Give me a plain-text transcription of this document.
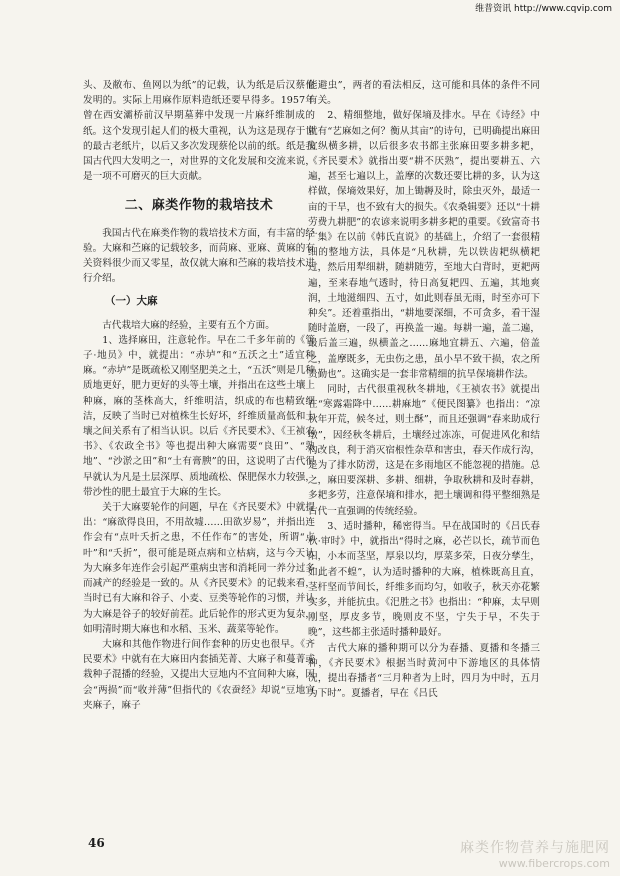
维普资讯 http://www.cqvip.com

头、及敝布、鱼网以为纸”的记载，认为纸是后汉蔡伦发明的。实际上用麻作原料造纸还要早得多。1957年曾在西安灞桥前汉早期墓葬中发现一片麻纤维制成的纸。这个发现引起人们的极大重视，认为这是现存于世的最古老纸片，以后又多次发现蔡伦以前的纸。纸是我国古代四大发明之一，对世界的文化发展和交流来说，是一项不可磨灭的巨大贡献。

二、麻类作物的栽培技术

我国古代在麻类作物的栽培技术方面，有丰富的经验。大麻和苎麻的记载较多，而苘麻、亚麻、黄麻的有关资料很少而又零星，故仅就大麻和苎麻的栽培技术进行介绍。

（一）大麻

古代栽培大麻的经验，主要有五个方面。

1、选择麻田，注意轮作。早在二千多年前的《管子·地员》中，就提出：“赤垆”和“五沃之土”适宜种麻。“赤垆”是既疏松又刚坚肥美之土，“五沃”则是几种质地更好，肥力更好的头等土壤，并指出在这些土壤上种麻，麻的茎株高大，纤维明洁，织成的布也精致细洁，反映了当时已对植株生长好坏，纤维质量高低和土壤之间关系有了相当认识。以后《齐民要术》、《王祯农书》、《农政全书》等也提出种大麻需要“良田”、“熟地”、“沙淤之田”和“土有膏腴”的田，这说明了古代很早就认为凡是土层深厚、质地疏松、保肥保水力较强，带沙性的肥土最宜于大麻的生长。

关于大麻要轮作的问题，早在《齐民要术》中就提出：“麻欲得良田，不用故墟……田欲岁易”，并指出连作会有“点叶夭折之患，不任作布”的害处，所谓“点叶”和“夭折”，很可能是斑点病和立枯病，这与今天认为大麻多年连作会引起严重病虫害和消耗同一养分过多而减产的经验是一致的。从《齐民要术》的记载来看，当时已有大麻和谷子、小麦、豆类等轮作的习惯，并认为大麻是谷子的较好前茬。此后轮作的形式更为复杂，如明清时期大麻也和水稻、玉米、蔬菜等轮作。

大麻和其他作物进行间作套种的历史也很早。《齐民要术》中就有在大麻田内套插芜菁、大麻子和蔓菁或栽种子混播的经验，又提出大豆地内不宜间种大麻，因会“两损”而“收并薄”但指代的《农蚕经》却说“豆地宜夹麻子，麻子

能避虫”，两者的看法相反，这可能和具体的条件不同有关。

2、精细整地，做好保墒及排水。早在《诗经》中就有“艺麻如之何？衡从其亩”的诗句，已明确提出麻田宜纵横多耕，以后很多农书都主张麻田要多耕多耙，《齐民要术》就指出要“耕不厌熟”，提出要耕五、六遍，甚至七遍以上，盖摩的次数还要比耕的多，认为这样做，保墒效果好，加上锄耨及时，除虫灭外，最适一亩的干旱，也不致有大的损失。《农桑辑要》还以“十耕劳费九耕肥”的农谚来说明多耕多耙的重要。《致富奇书广集》在以前《韩氏直说》的基础上，介绍了一套很精细的整地方法，具体是“凡秋耕，先以铁齿耙纵横耙过，然后用犁细耕，随耕随劳，至地大白背时，更耙两遍，至来春地气透时，待日高复耙四、五遍，其地爽润，土地滋细四、五寸，如此则春虽无雨，时至亦可下种矣”。还着重指出，“耕地要深细，不可贪多，看干湿随时盖磨，一段了，再换盖一遍。每耕一遍，盖二遍，最后盖三遍，纵横盖之……麻地宜耕五、六遍，倍盖之，盖摩既多，无虫伤之患，虽小旱不致干损，农之所贵勤也”。这确实是一套非常精细的抗旱保墒耕作法。

同时，古代很重视秋冬耕地，《王祯农书》就提出在“寒露霜降中……耕麻地”《便民图纂》也指出：“凉秋年开荒，候冬过，则土酥”，而且还强调“春来助成行墩”，因经秋冬耕后，土壤经过冻冻，可促进风化和结构改良，利于消灭宿根性杂草和害虫，春天作成行沟，是为了排水防涝，这是在多雨地区不能忽视的措施。总之，麻田要深耕、多耕、细耕，争取秋耕和及时春耕，多耙多劳，注意保墒和排水，把土壤调和得平整细熟是古代一直强调的传统经验。

3、适时播种，稀密得当。早在战国时的《吕氏春秋·审时》中，就指出“得时之麻，必芒以长，疏节而色阳，小本而茎坚，厚泉以均，厚菜多荣，日夜分孳生，如此者不蝗”，认为适时播种的大麻，植株既高且直，茎杆坚而节间长，纤维多而均匀，如收子，秋天亦花繁实多，并能抗虫。《汜胜之书》也指出：“种麻，太早则刚坚，厚皮多节，晚则皮不坚，宁失于早，不失于晚”，这些都主张适时播种最好。

古代大麻的播种期可以分为春播、夏播和冬播三种，《齐民要术》根据当时黄河中下游地区的具体情况，提出春播者“三月种者为上时，四月为中时，五月为下时”。夏播者，早在《吕氏

46	麻类作物营养与施肥网
www.fibercrops.com
